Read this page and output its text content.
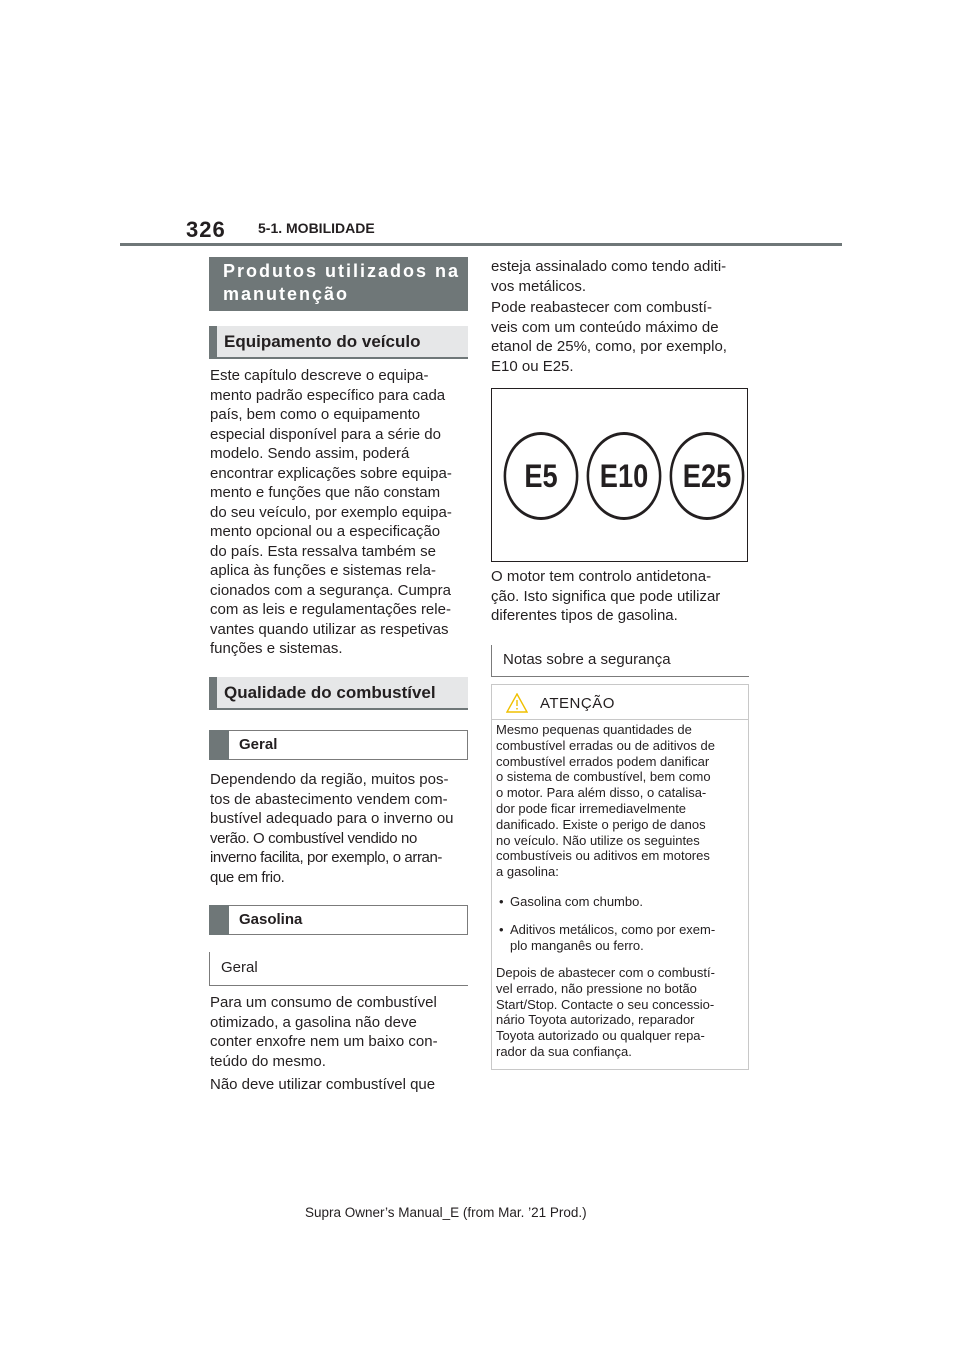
326 5-1. MOBILIDADE
Produtos utilizados na
manutenção
Equipamento do veículo
Este capítulo descreve o equipa-
mento padrão específico para cada
país, bem como o equipamento
especial disponível para a série do
modelo. Sendo assim, poderá
encontrar explicações sobre equipa-
mento e funções que não constam
do seu veículo, por exemplo equipa-
mento opcional ou a especificação
do país. Esta ressalva também se
aplica às funções e sistemas rela-
cionados com a segurança. Cumpra
com as leis e regulamentações rele-
vantes quando utilizar as respetivas
funções e sistemas.
Qualidade do combustível
Geral
Dependendo da região, muitos pos-
tos de abastecimento vendem com-
bustível adequado para o inverno ou
verão. O combustível vendido no
inverno facilita, por exemplo, o arran-
que em frio.
Gasolina
Geral
Para um consumo de combustível
otimizado, a gasolina não deve
conter enxofre nem um baixo con-
teúdo do mesmo.
Não deve utilizar combustível que
esteja assinalado como tendo aditi-
vos metálicos.
Pode reabastecer com combustí-
veis com um conteúdo máximo de
etanol de 25%, como, por exemplo,
E10 ou E25.
E5	E10	E25
O motor tem controlo antidetona-
ção. Isto significa que pode utilizar
diferentes tipos de gasolina.
Notas sobre a segurança
ATENÇÃO
Mesmo pequenas quantidades de
combustível erradas ou de aditivos de
combustível errados podem danificar
o sistema de combustível, bem como
o motor. Para além disso, o catalisa-
dor pode ficar irremediavelmente
danificado. Existe o perigo de danos
no veículo. Não utilize os seguintes
combustíveis ou aditivos em motores
a gasolina:
• Gasolina com chumbo.
• Aditivos metálicos, como por exem-
plo manganês ou ferro.
Depois de abastecer com o combustí-
vel errado, não pressione no botão
Start/Stop. Contacte o seu concessio-
nário Toyota autorizado, reparador
Toyota autorizado ou qualquer repa-
rador da sua confiança.
Supra Owner’s Manual_E (from Mar. ’21 Prod.)
